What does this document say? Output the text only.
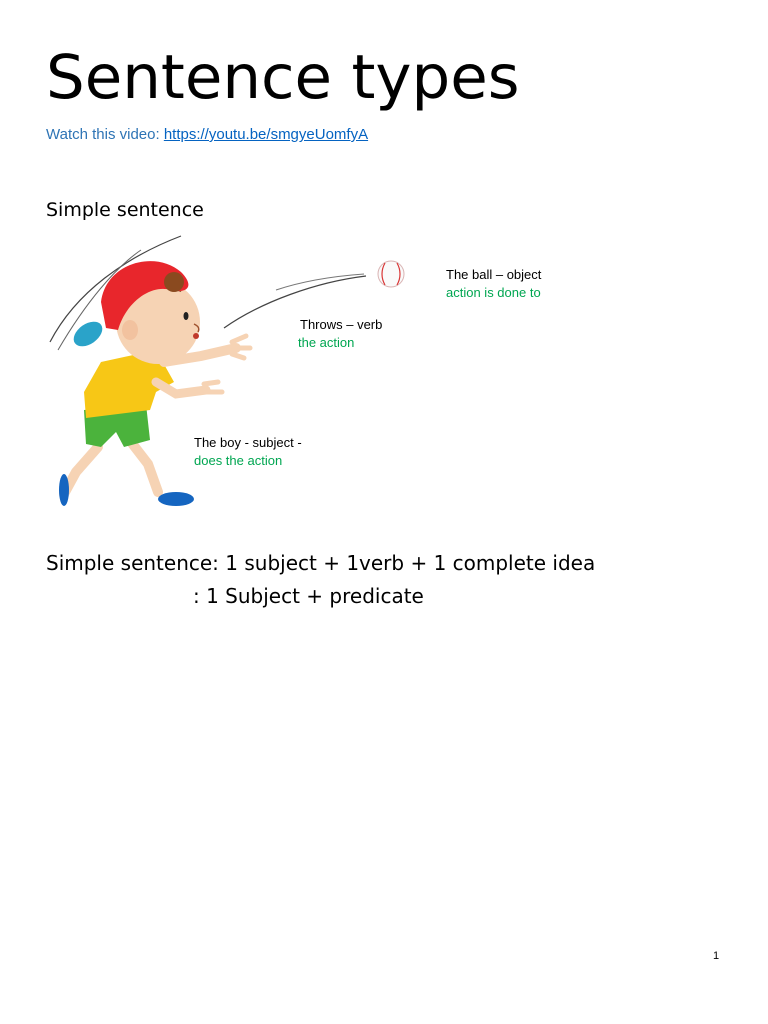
Sentence types
Watch this video: https://youtu.be/smgyeUomfyA
Simple sentence
The ball – object
action is done to
Throws – verb
the action
The boy - subject -
does the action
Simple sentence: 1 subject + 1verb + 1 complete idea
: 1 Subject + predicate
1
